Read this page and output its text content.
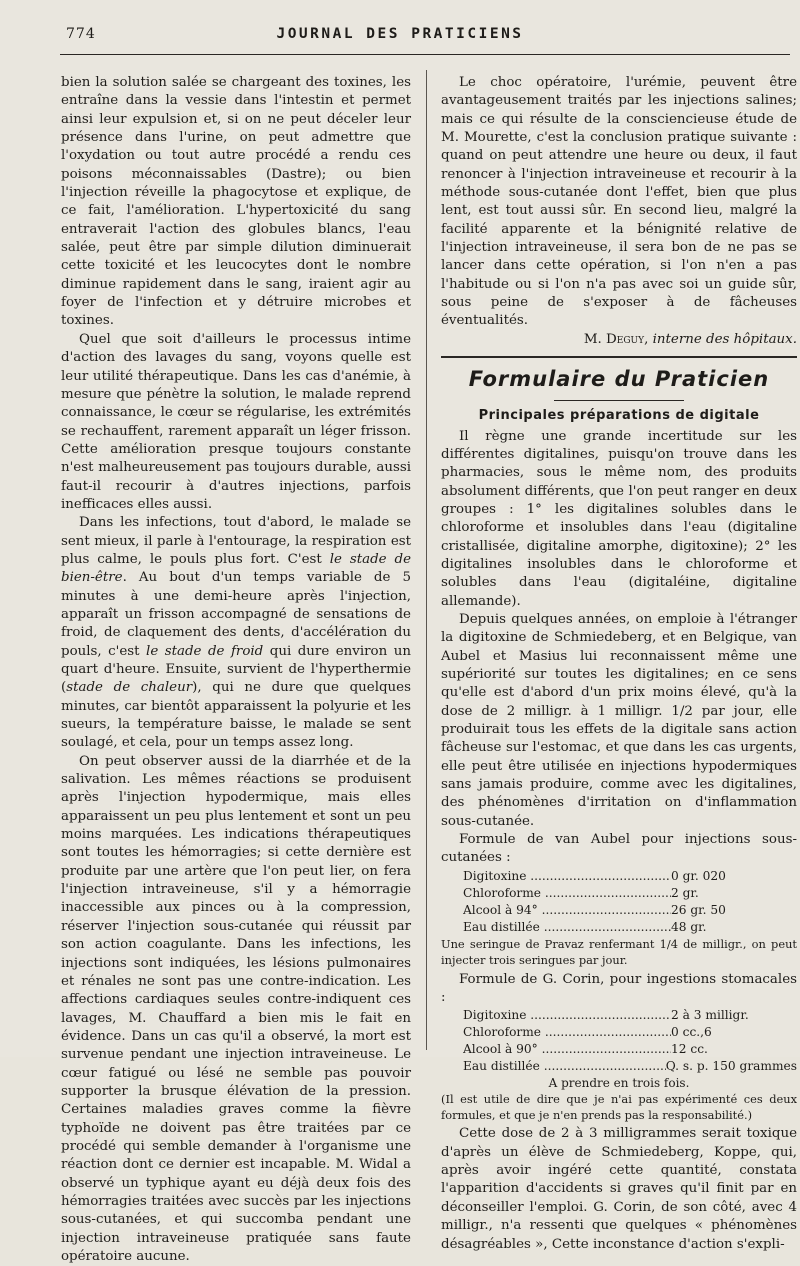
774	JOURNAL DES PRATICIENS

bien la solution salée se chargeant des toxines, les entraîne dans la vessie dans l'intestin et permet ainsi leur expulsion et, si on ne peut déceler leur présence dans l'urine, on peut admettre que l'oxydation ou tout autre procédé a rendu ces poisons méconnaissables (Dastre); ou bien l'injection réveille la phagocytose et explique, de ce fait, l'amélioration. L'hypertoxicité du sang entraverait l'action des globules blancs, l'eau salée, peut être par simple dilution diminuerait cette toxicité et les leucocytes dont le nombre diminue rapidement dans le sang, iraient agir au foyer de l'infection et y détruire microbes et toxines.

Quel que soit d'ailleurs le processus intime d'action des lavages du sang, voyons quelle est leur utilité thérapeutique. Dans les cas d'anémie, à mesure que pénètre la solution, le malade reprend connaissance, le cœur se régularise, les extrémités se rechauffent, rarement apparaît un léger frisson. Cette amélioration presque toujours constante n'est malheureusement pas toujours durable, aussi faut-il recourir à d'autres injections, parfois inefficaces elles aussi.

Dans les infections, tout d'abord, le malade se sent mieux, il parle à l'entourage, la respiration est plus calme, le pouls plus fort. C'est le stade de bien-être. Au bout d'un temps variable de 5 minutes à une demi-heure après l'injection, apparaît un frisson accompagné de sensations de froid, de claquement des dents, d'accélération du pouls, c'est le stade de froid qui dure environ un quart d'heure. Ensuite, survient de l'hyperthermie (stade de chaleur), qui ne dure que quelques minutes, car bientôt apparaissent la polyurie et les sueurs, la température baisse, le malade se sent soulagé, et cela, pour un temps assez long.

On peut observer aussi de la diarrhée et de la salivation. Les mêmes réactions se produisent après l'injection hypodermique, mais elles apparaissent un peu plus lentement et sont un peu moins marquées. Les indications thérapeutiques sont toutes les hémorragies; si cette dernière est produite par une artère que l'on peut lier, on fera l'injection intraveineuse, s'il y a hémorragie inaccessible aux pinces ou à la compression, réserver l'injection sous-cutanée qui réussit par son action coagulante. Dans les infections, les injections sont indiquées, les lésions pulmonaires et rénales ne sont pas une contre-indication. Les affections cardiaques seules contre-indiquent ces lavages, M. Chauffard a bien mis le fait en évidence. Dans un cas qu'il a observé, la mort est survenue pendant une injection intraveineuse. Le cœur fatigué ou lésé ne semble pas pouvoir supporter la brusque élévation de la pression. Certaines maladies graves comme la fièvre typhoïde ne doivent pas être traitées par ce procédé qui semble demander à l'organisme une réaction dont ce dernier est incapable. M. Widal a observé un typhique ayant eu déjà deux fois des hémorragies traitées avec succès par les injections sous-cutanées, et qui succomba pendant une injection intraveineuse pratiquée sans faute opératoire aucune.

Le choc opératoire, l'urémie, peuvent être avantageusement traités par les injections salines; mais ce qui résulte de la consciencieuse étude de M. Mourette, c'est la conclusion pratique suivante : quand on peut attendre une heure ou deux, il faut renoncer à l'injection intraveineuse et recourir à la méthode sous-cutanée dont l'effet, bien que plus lent, est tout aussi sûr. En second lieu, malgré la facilité apparente et la bénignité relative de l'injection intraveineuse, il sera bon de ne pas se lancer dans cette opération, si l'on n'en a pas l'habitude ou si l'on n'a pas avec soi un guide sûr, sous peine de s'exposer à de fâcheuses éventualités.

M. Deguy, interne des hôpitaux.

Formulaire du Praticien
Principales préparations de digitale

Il règne une grande incertitude sur les différentes digitalines, puisqu'on trouve dans les pharmacies, sous le même nom, des produits absolument différents, que l'on peut ranger en deux groupes : 1° les digitalines solubles dans le chloroforme et insolubles dans l'eau (digitaline cristallisée, digitaline amorphe, digitoxine); 2° les digitalines insolubles dans le chloroforme et solubles dans l'eau (digitaléine, digitaline allemande).

Depuis quelques années, on emploie à l'étranger la digitoxine de Schmiedeberg, et en Belgique, van Aubel et Masius lui reconnaissent même une supériorité sur toutes les digitalines; en ce sens qu'elle est d'abord d'un prix moins élevé, qu'à la dose de 2 milligr. à 1 milligr. 1/2 par jour, elle produirait tous les effets de la digitale sans action fâcheuse sur l'estomac, et que dans les cas urgents, elle peut être utilisée en injections hypodermiques sans jamais produire, comme avec les digitalines, des phénomènes d'irritation on d'inflammation sous-cutanée.

Formule de van Aubel pour injections sous-cutanées :

Digitoxine .....	0 gr. 020
Chloroforme .....	2 gr.
Alcool à 94° .....	26 gr. 50
Eau distillée .....	48 gr.

Une seringue de Pravaz renfermant 1/4 de milligr., on peut injecter trois seringues par jour.

Formule de G. Corin, pour ingestions stomacales :

Digitoxine .....	2 à 3 milligr.
Chloroforme .....	0 cc.,6
Alcool à 90° .....	12 cc.
Eau distillée .....	Q. s. p. 150 grammes

A prendre en trois fois.

(Il est utile de dire que je n'ai pas expérimenté ces deux formules, et que je n'en prends pas la responsabilité.)

Cette dose de 2 à 3 milligrammes serait toxique d'après un élève de Schmiedeberg, Koppe, qui, après avoir ingéré cette quantité, constata l'apparition d'accidents si graves qu'il finit par en déconseiller l'emploi. G. Corin, de son côté, avec 4 milligr., n'a ressenti que quelques « phénomènes désagréables », Cette inconstance d'action s'expli-
